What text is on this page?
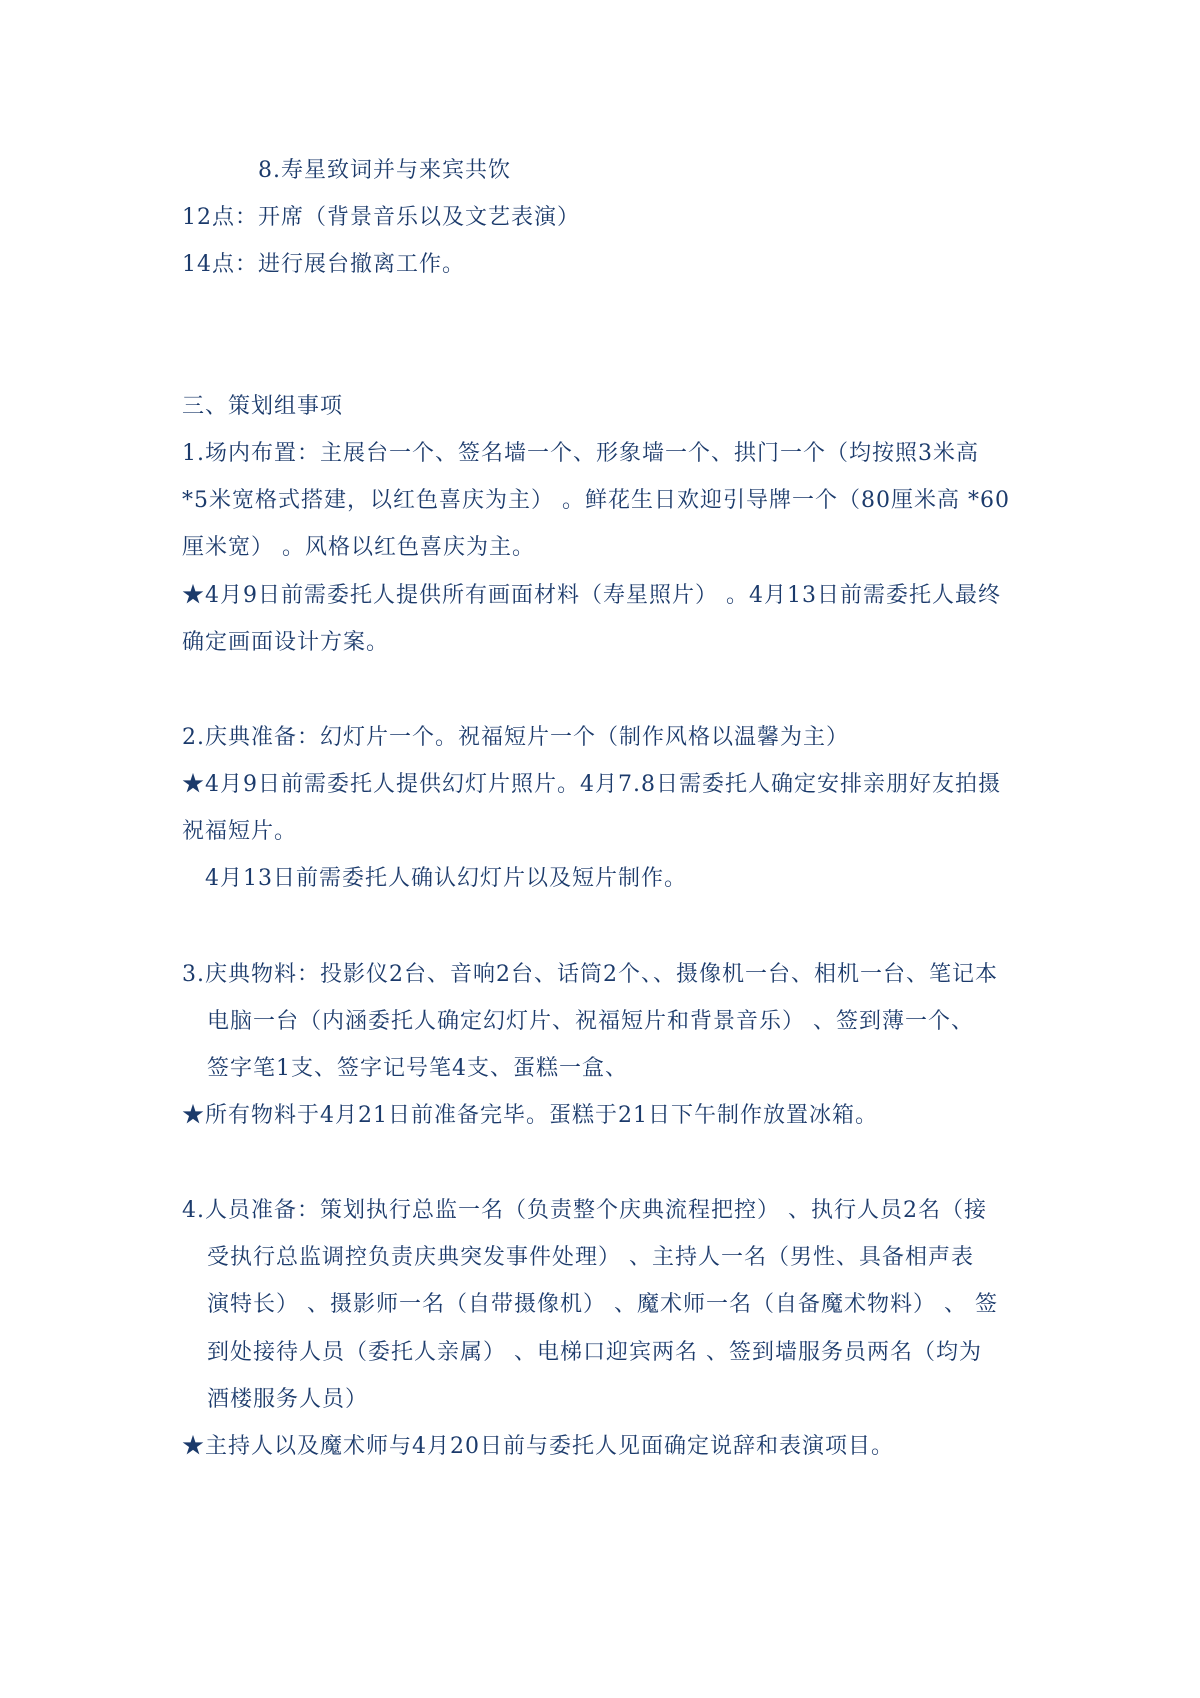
8.寿星致词并与来宾共饮
12点：开席（背景音乐以及文艺表演）
14点：进行展台撤离工作。
三、策划组事项
1.场内布置：主展台一个、签名墙一个、形象墙一个、拱门一个（均按照3米高
*5米宽格式搭建，以红色喜庆为主） 。鲜花生日欢迎引导牌一个（80厘米高 *60
厘米宽） 。风格以红色喜庆为主。
★4月9日前需委托人提供所有画面材料（寿星照片） 。4月13日前需委托人最终
确定画面设计方案。
2.庆典准备：幻灯片一个。祝福短片一个（制作风格以温馨为主）
★4月9日前需委托人提供幻灯片照片。4月7.8日需委托人确定安排亲朋好友拍摄
祝福短片。
4月13日前需委托人确认幻灯片以及短片制作。
3.庆典物料：投影仪2台、音响2台、话筒2个、、摄像机一台、相机一台、笔记本
电脑一台（内涵委托人确定幻灯片、祝福短片和背景音乐） 、签到薄一个、
签字笔1支、签字记号笔4支、蛋糕一盒、
★所有物料于4月21日前准备完毕。蛋糕于21日下午制作放置冰箱。
4.人员准备：策划执行总监一名（负责整个庆典流程把控） 、执行人员2名（接
受执行总监调控负责庆典突发事件处理） 、主持人一名（男性、具备相声表
演特长） 、摄影师一名（自带摄像机） 、魔术师一名（自备魔术物料） 、 签
到处接待人员（委托人亲属） 、电梯口迎宾两名 、签到墙服务员两名（均为
酒楼服务人员）
★主持人以及魔术师与4月20日前与委托人见面确定说辞和表演项目。
